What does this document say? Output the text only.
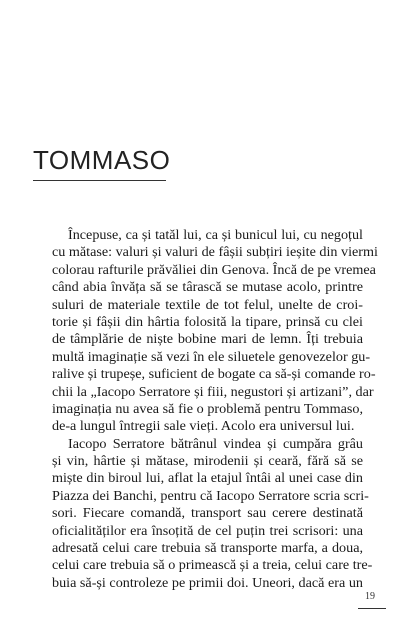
TOMMASO
Începuse, ca și tatăl lui, ca și bunicul lui, cu negoțul
cu mătase: valuri și valuri de fâșii subțiri ieșite din viermi
colorau rafturile prăvăliei din Genova. Încă de pe vremea
când abia învăța să se târască se mutase acolo, printre
suluri de materiale textile de tot felul, unelte de croi-
torie și fâșii din hârtia folosită la tipare, prinsă cu clei
de tâmplărie de niște bobine mari de lemn. Îți trebuia
multă imaginație să vezi în ele siluetele genovezelor gu-
ralive și trupeșe, suficient de bogate ca să-și comande ro-
chii la „Iacopo Serratore și fiii, negustori și artizani”, dar
imaginația nu avea să fie o problemă pentru Tommaso,
de-a lungul întregii sale vieți. Acolo era universul lui.
Iacopo Serratore bătrânul vindea și cumpăra grâu
și vin, hârtie și mătase, mirodenii și ceară, fără să se
miște din biroul lui, aflat la etajul întâi al unei case din
Piazza dei Banchi, pentru că Iacopo Serratore scria scri-
sori. Fiecare comandă, transport sau cerere destinată
oficialităților era însoțită de cel puțin trei scrisori: una
adresată celui care trebuia să transporte marfa, a doua,
celui care trebuia să o primească și a treia, celui care tre-
buia să-și controleze pe primii doi. Uneori, dacă era un
19
